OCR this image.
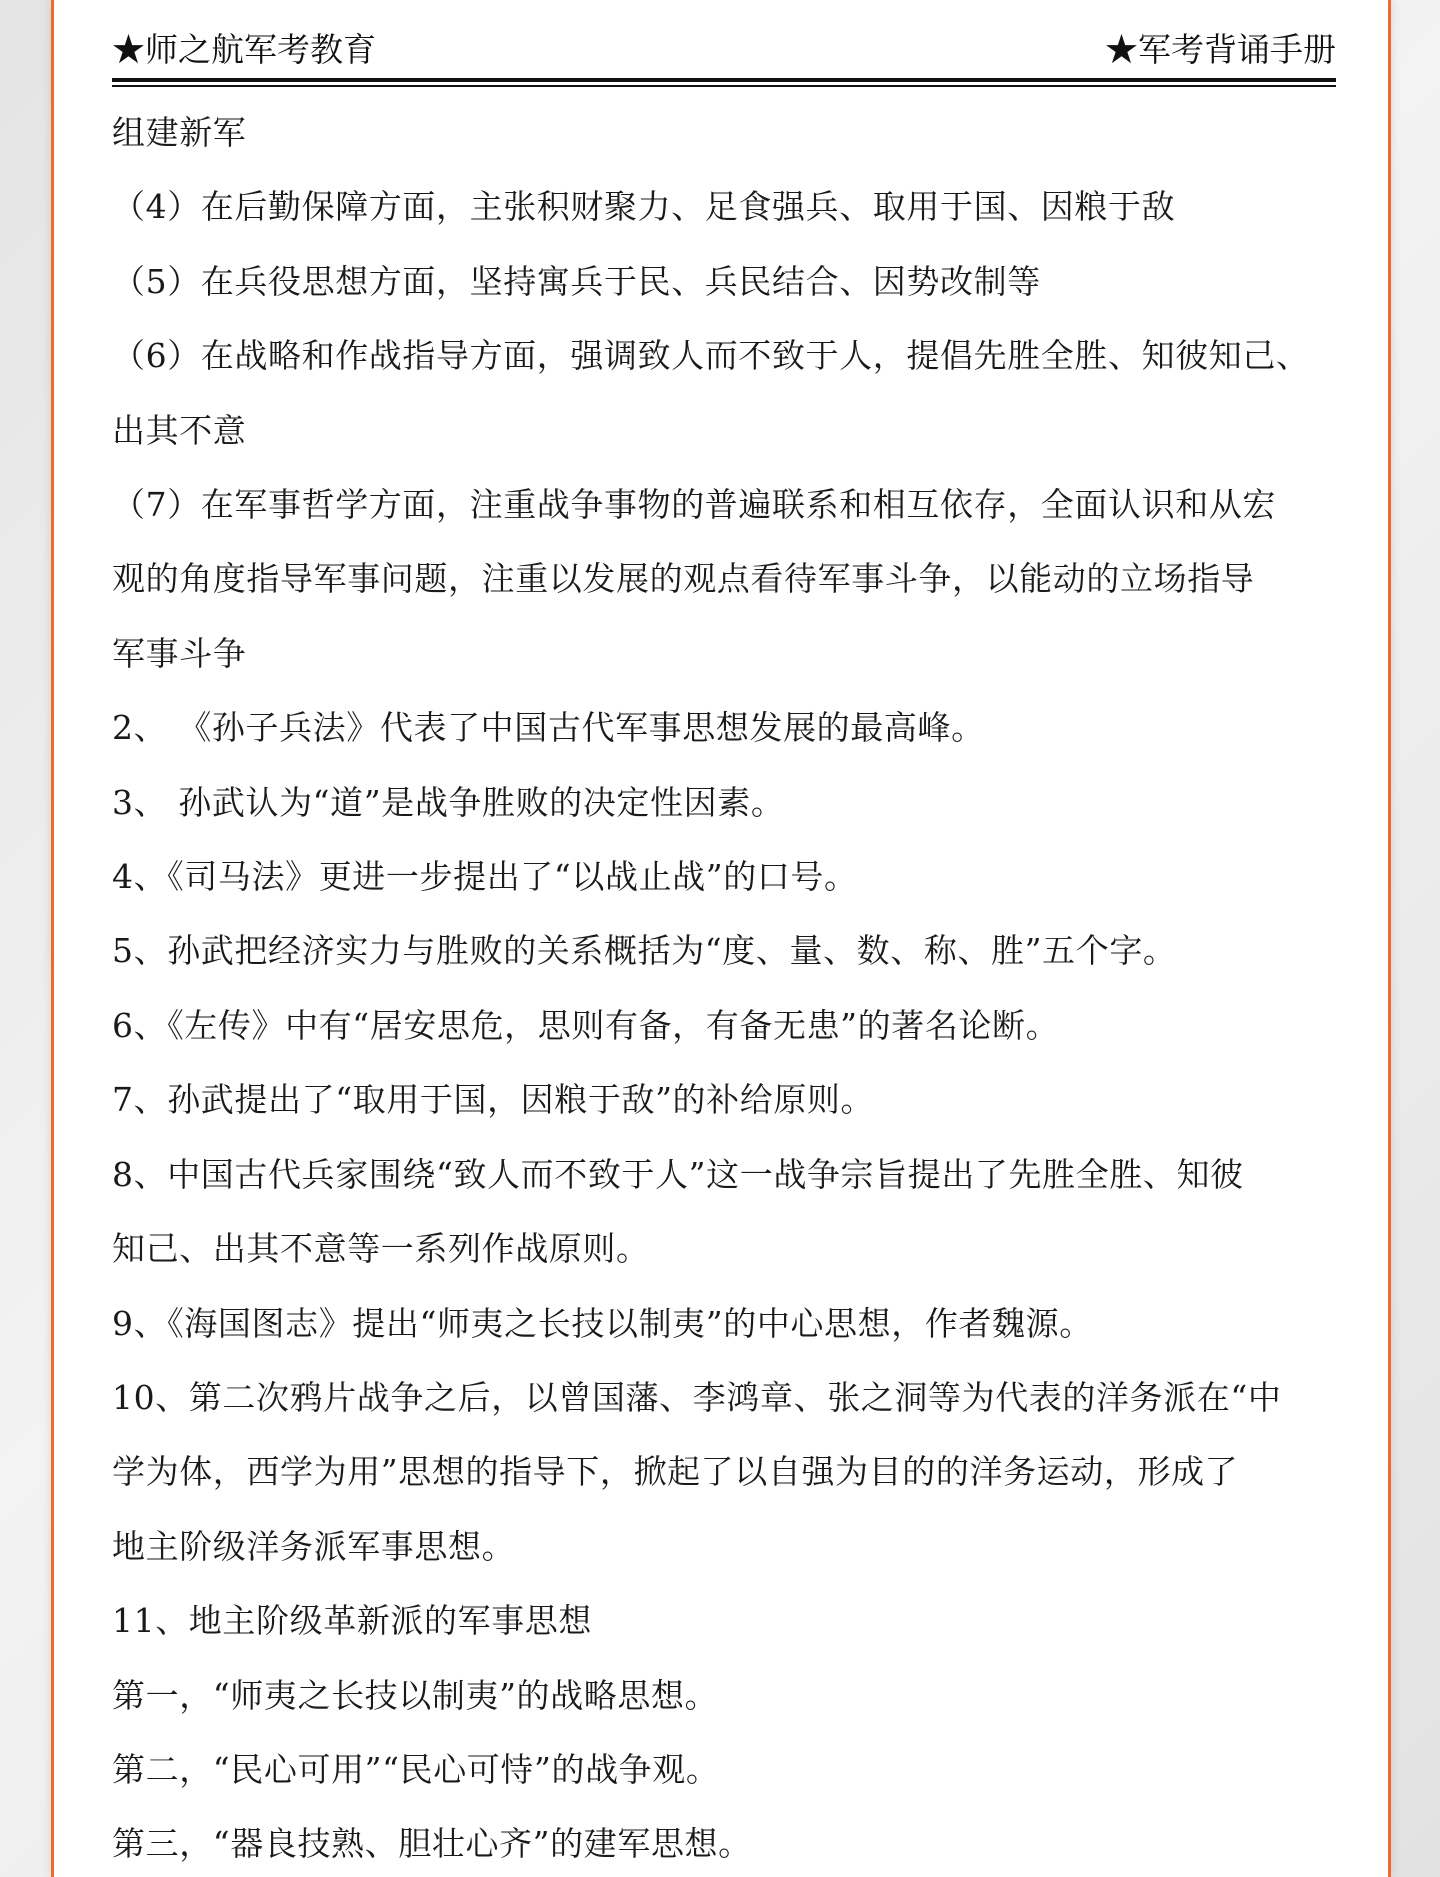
★师之航军考教育	★军考背诵手册
组建新军
（4）在后勤保障方面，主张积财聚力、足食强兵、取用于国、因粮于敌
（5）在兵役思想方面，坚持寓兵于民、兵民结合、因势改制等
（6）在战略和作战指导方面，强调致人而不致于人，提倡先胜全胜、知彼知己、
出其不意
（7）在军事哲学方面，注重战争事物的普遍联系和相互依存，全面认识和从宏
观的角度指导军事问题，注重以发展的观点看待军事斗争，以能动的立场指导
军事斗争
2、 《孙子兵法》代表了中国古代军事思想发展的最高峰。
3、 孙武认为“道”是战争胜败的决定性因素。
4、《司马法》更进一步提出了“以战止战”的口号。
5、孙武把经济实力与胜败的关系概括为“度、量、数、称、胜”五个字。
6、《左传》中有“居安思危，思则有备，有备无患”的著名论断。
7、孙武提出了“取用于国，因粮于敌”的补给原则。
8、中国古代兵家围绕“致人而不致于人”这一战争宗旨提出了先胜全胜、知彼
知己、出其不意等一系列作战原则。
9、《海国图志》提出“师夷之长技以制夷”的中心思想，作者魏源。
10、第二次鸦片战争之后，以曾国藩、李鸿章、张之洞等为代表的洋务派在“中
学为体，西学为用”思想的指导下，掀起了以自强为目的的洋务运动，形成了
地主阶级洋务派军事思想。
11、地主阶级革新派的军事思想
第一，“师夷之长技以制夷”的战略思想。
第二，“民心可用”“民心可恃”的战争观。
第三，“器良技熟、胆壮心齐”的建军思想。
